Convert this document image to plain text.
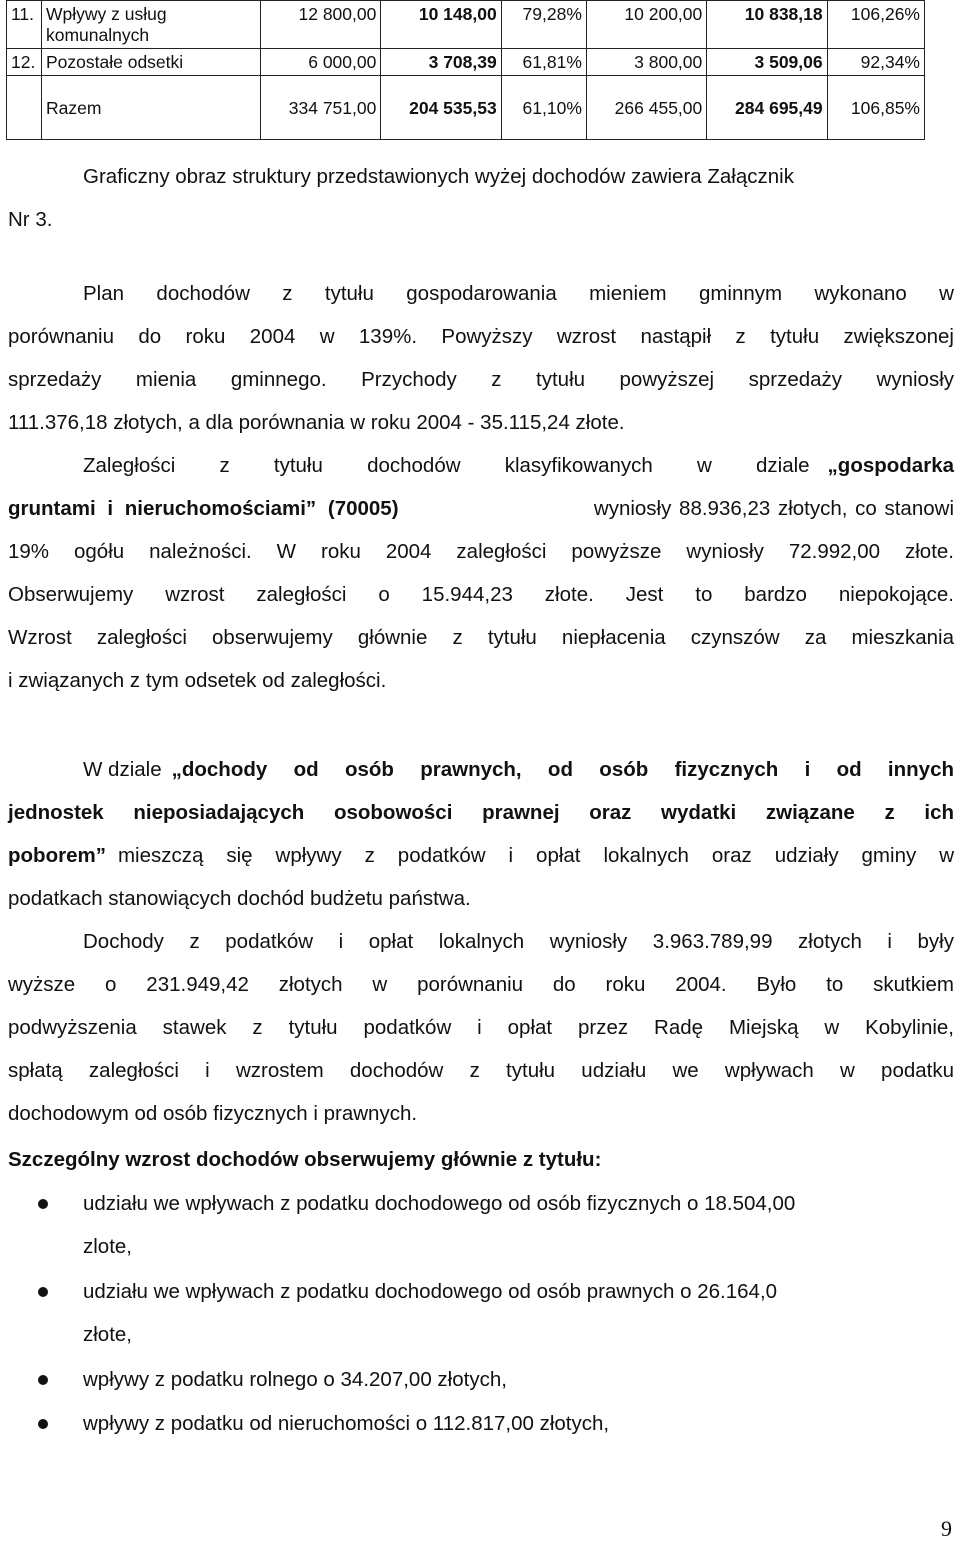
11.	Wpływy z usług
komunalnych	12 800,00	10 148,00	79,28%	10 200,00	10 838,18	106,26%
12.	Pozostałe odsetki	6 000,00	3 708,39	61,81%	3 800,00	3 509,06	92,34%
	Razem	334 751,00	204 535,53	61,10%	266 455,00	284 695,49	106,85%
Graficzny obraz struktury przedstawionych wyżej dochodów zawiera Załącznik
Nr 3.
Plan dochodów z tytułu gospodarowania mieniem gminnym wykonano w
porównaniu do roku 2004 w 139%. Powyższy wzrost nastąpił z tytułu zwiększonej
sprzedaży mienia gminnego. Przychody z tytułu powyższej sprzedaży wyniosły
111.376,18 złotych, a dla porównania w roku 2004 - 35.115,24 złote.
Zaległości z tytułu dochodów klasyfikowanych w dziale „gospodarka
gruntami i nieruchomościami” (70005)	wyniosły 88.936,23 złotych, co stanowi
19% ogółu należności. W roku 2004 zaległości powyższe wyniosły 72.992,00 złote.
Obserwujemy wzrost zaległości o 15.944,23 złote. Jest to bardzo niepokojące.
Wzrost zaległości obserwujemy głównie z tytułu niepłacenia czynszów za mieszkania
i związanych z tym odsetek od zaległości.
W dziale „dochody od osób prawnych, od osób fizycznych i od innych
jednostek nieposiadających osobowości prawnej oraz wydatki związane z ich
poborem” mieszczą się wpływy z podatków i opłat lokalnych oraz udziały gminy w
podatkach stanowiących dochód budżetu państwa.
Dochody z podatków i opłat lokalnych wyniosły 3.963.789,99 złotych i były
wyższe o 231.949,42 złotych w porównaniu do roku 2004. Było to skutkiem
podwyższenia stawek z tytułu podatków i opłat przez Radę Miejską w Kobylinie,
spłatą zaległości i wzrostem dochodów z tytułu udziału we wpływach w podatku
dochodowym od osób fizycznych i prawnych.
Szczególny wzrost dochodów obserwujemy głównie z tytułu:
udziału we wpływach z podatku dochodowego od osób fizycznych o 18.504,00
zlote,
udziału we wpływach z podatku dochodowego od osób prawnych o 26.164,0
złote,
wpływy z podatku rolnego o 34.207,00 złotych,
wpływy z podatku od nieruchomości o 112.817,00 złotych,
9
